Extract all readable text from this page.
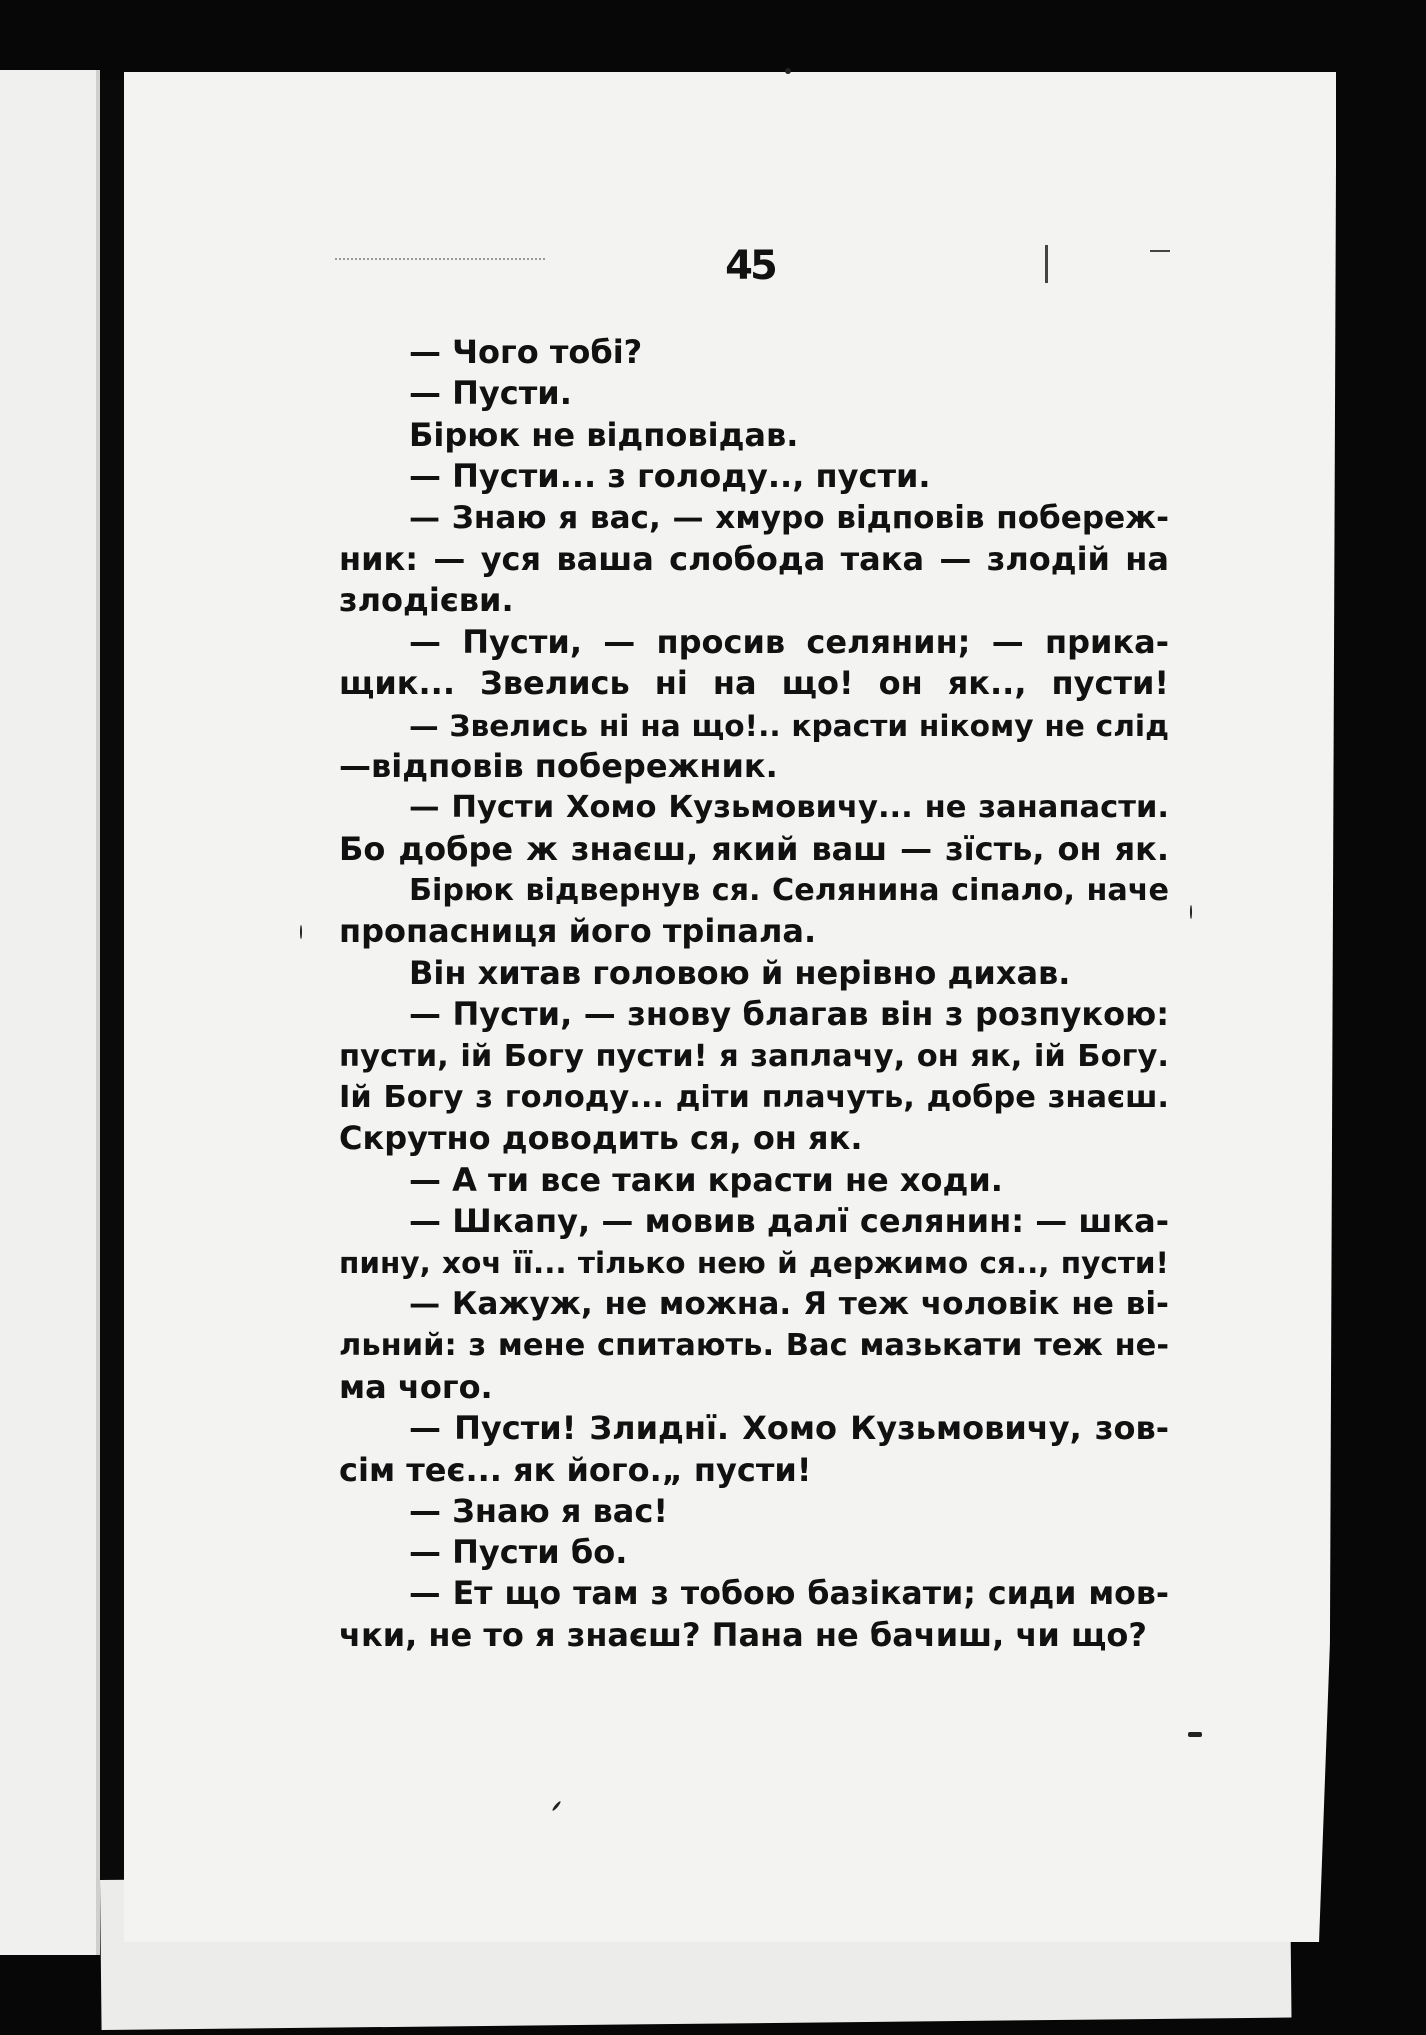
45
— Чого тобі?
— Пусти.
Бірюк не відповідав.
— Пусти... з голоду.., пусти.
— Знаю я вас, — хмуро відповів побереж-
ник: — уся ваша слобода така — злодій на
злодієви.
— Пусти, — просив селянин; — прика-
щик... Звелись ні на що! он як.., пусти!
— Звелись ні на що!.. красти нікому не слід
—відповів побережник.
— Пусти Хомо Кузьмовичу... не занапасти.
Бо добре ж знаєш, який ваш — зїсть, он як.
Бірюк відвернув ся. Селянина сіпало, наче
пропасниця його тріпала.
Він хитав головою й нерівно дихав.
— Пусти, — знову благав він з розпукою:
пусти, ій Богу пусти! я заплачу, он як, ій Богу.
Ій Богу з голоду... діти плачуть, добре знаєш.
Скрутно доводить ся, он як.
— А ти все таки красти не ходи.
— Шкапу, — мовив далї селянин: — шка-
пину, хоч її... тілько нею й держимо ся.., пусти!
— Кажуж, не можна. Я теж чоловік не ві-
льний: з мене спитають. Вас мазькати теж не-
ма чого.
— Пусти! Злиднї. Хомо Кузьмовичу, зов-
сім теє... як його.„ пусти!
— Знаю я вас!
— Пусти бо.
— Ет що там з тобою базікати; сиди мов-
чки, не то я знаєш? Пана не бачиш, чи що?
